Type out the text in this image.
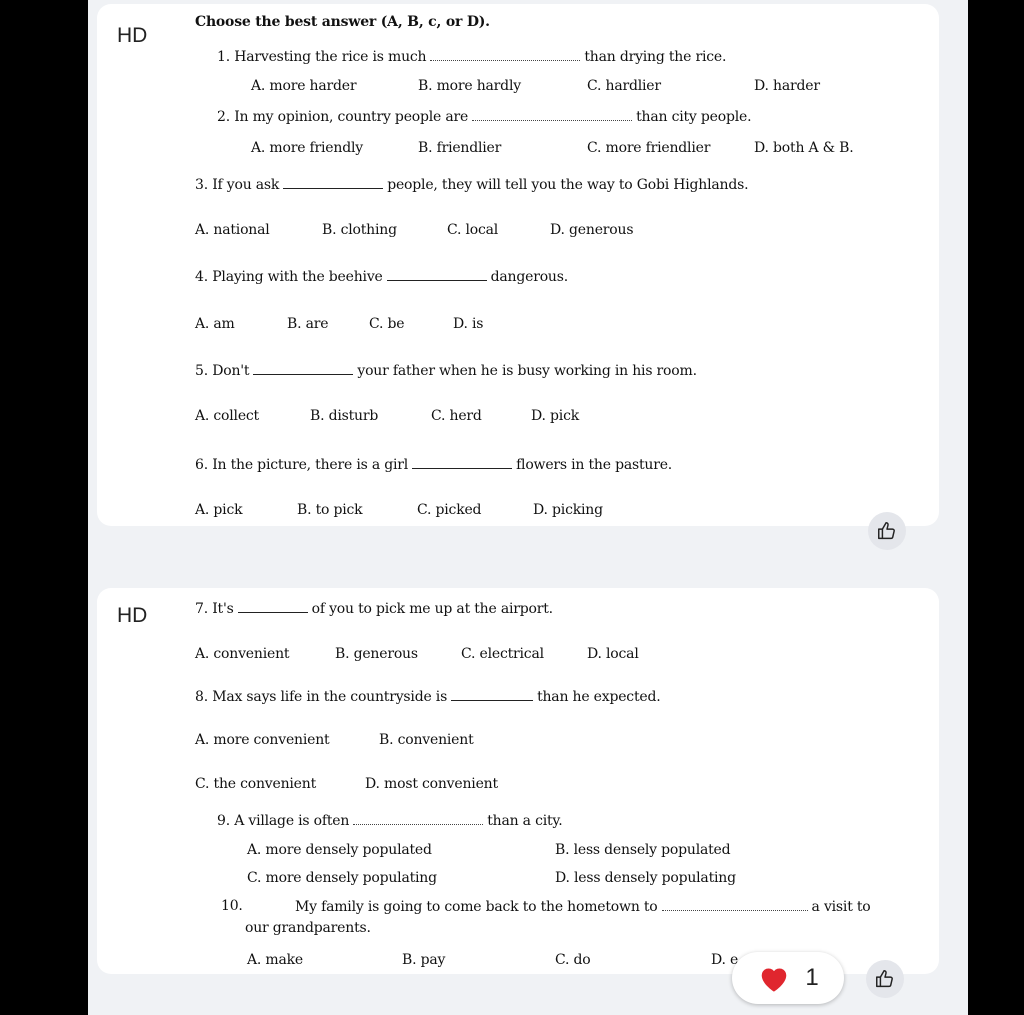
HD
Choose the best answer (A, B, c, or D).
1. Harvesting the rice is much	than drying the rice.
A. more harder	B. more hardly	C. hardlier	D. harder
2. In my opinion, country people are	than city people.
A. more friendly	B. friendlier	C. more friendlier	D. both A & B.
3. If you ask	people, they will tell you the way to Gobi Highlands.
A. national	B. clothing	C. local	D. generous
4. Playing with the beehive	dangerous.
A. am	B. are	C. be	D. is
5. Don't	your father when he is busy working in his room.
A. collect	B. disturb	C. herd	D. pick
6. In the picture, there is a girl	flowers in the pasture.
A. pick	B. to pick	C. picked	D. picking
HD	7. It's	of you to pick me up at the airport.
A. convenient	B. generous	C. electrical	D. local
8. Max says life in the countryside is	than he expected.
A. more convenient	B. convenient
C. the convenient	D. most convenient
9. A village is often	than a city.
A. more densely populated	B. less densely populated
C. more densely populating	D. less densely populating
10.	My family is going to come back to the hometown to	a visit to
our grandparents.
A. make	B. pay	C. do	D. e
1
